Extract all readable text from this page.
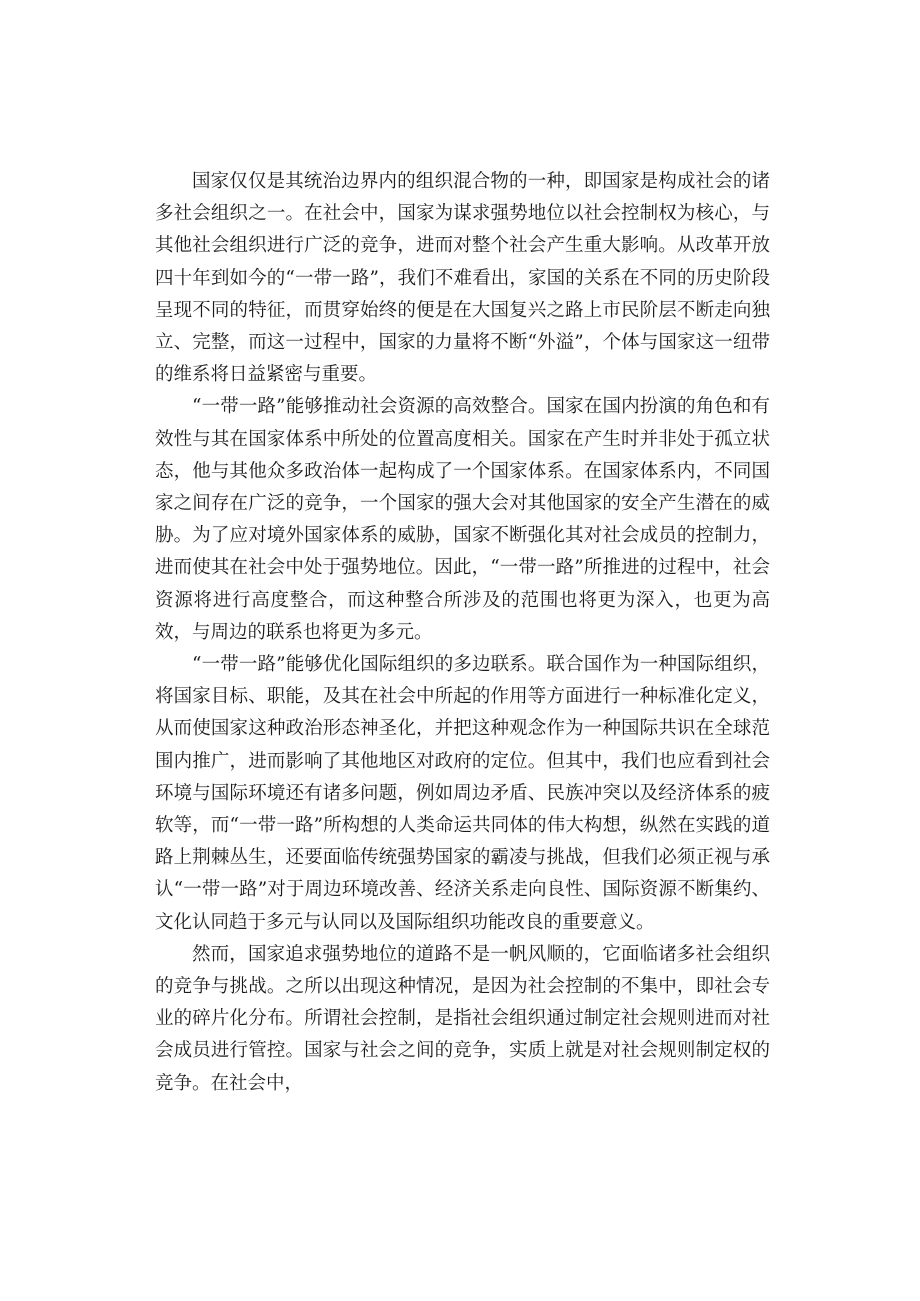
国家仅仅是其统治边界内的组织混合物的一种，即国家是构成社会的诸多社会组织之一。在社会中，国家为谋求强势地位以社会控制权为核心，与其他社会组织进行广泛的竞争，进而对整个社会产生重大影响。从改革开放四十年到如今的“一带一路”，我们不难看出，家国的关系在不同的历史阶段呈现不同的特征，而贯穿始终的便是在大国复兴之路上市民阶层不断走向独立、完整，而这一过程中，国家的力量将不断“外溢”，个体与国家这一纽带的维系将日益紧密与重要。

“一带一路”能够推动社会资源的高效整合。国家在国内扮演的角色和有效性与其在国家体系中所处的位置高度相关。国家在产生时并非处于孤立状态，他与其他众多政治体一起构成了一个国家体系。在国家体系内，不同国家之间存在广泛的竞争，一个国家的强大会对其他国家的安全产生潜在的威胁。为了应对境外国家体系的威胁，国家不断强化其对社会成员的控制力，进而使其在社会中处于强势地位。因此，“一带一路”所推进的过程中，社会资源将进行高度整合，而这种整合所涉及的范围也将更为深入，也更为高效，与周边的联系也将更为多元。

“一带一路”能够优化国际组织的多边联系。联合国作为一种国际组织，将国家目标、职能，及其在社会中所起的作用等方面进行一种标准化定义，从而使国家这种政治形态神圣化，并把这种观念作为一种国际共识在全球范围内推广，进而影响了其他地区对政府的定位。但其中，我们也应看到社会环境与国际环境还有诸多问题，例如周边矛盾、民族冲突以及经济体系的疲软等，而“一带一路”所构想的人类命运共同体的伟大构想，纵然在实践的道路上荆棘丛生，还要面临传统强势国家的霸凌与挑战，但我们必须正视与承认“一带一路”对于周边环境改善、经济关系走向良性、国际资源不断集约、文化认同趋于多元与认同以及国际组织功能改良的重要意义。

然而，国家追求强势地位的道路不是一帆风顺的，它面临诸多社会组织的竞争与挑战。之所以出现这种情况，是因为社会控制的不集中，即社会专业的碎片化分布。所谓社会控制，是指社会组织通过制定社会规则进而对社会成员进行管控。国家与社会之间的竞争，实质上就是对社会规则制定权的竞争。在社会中，
